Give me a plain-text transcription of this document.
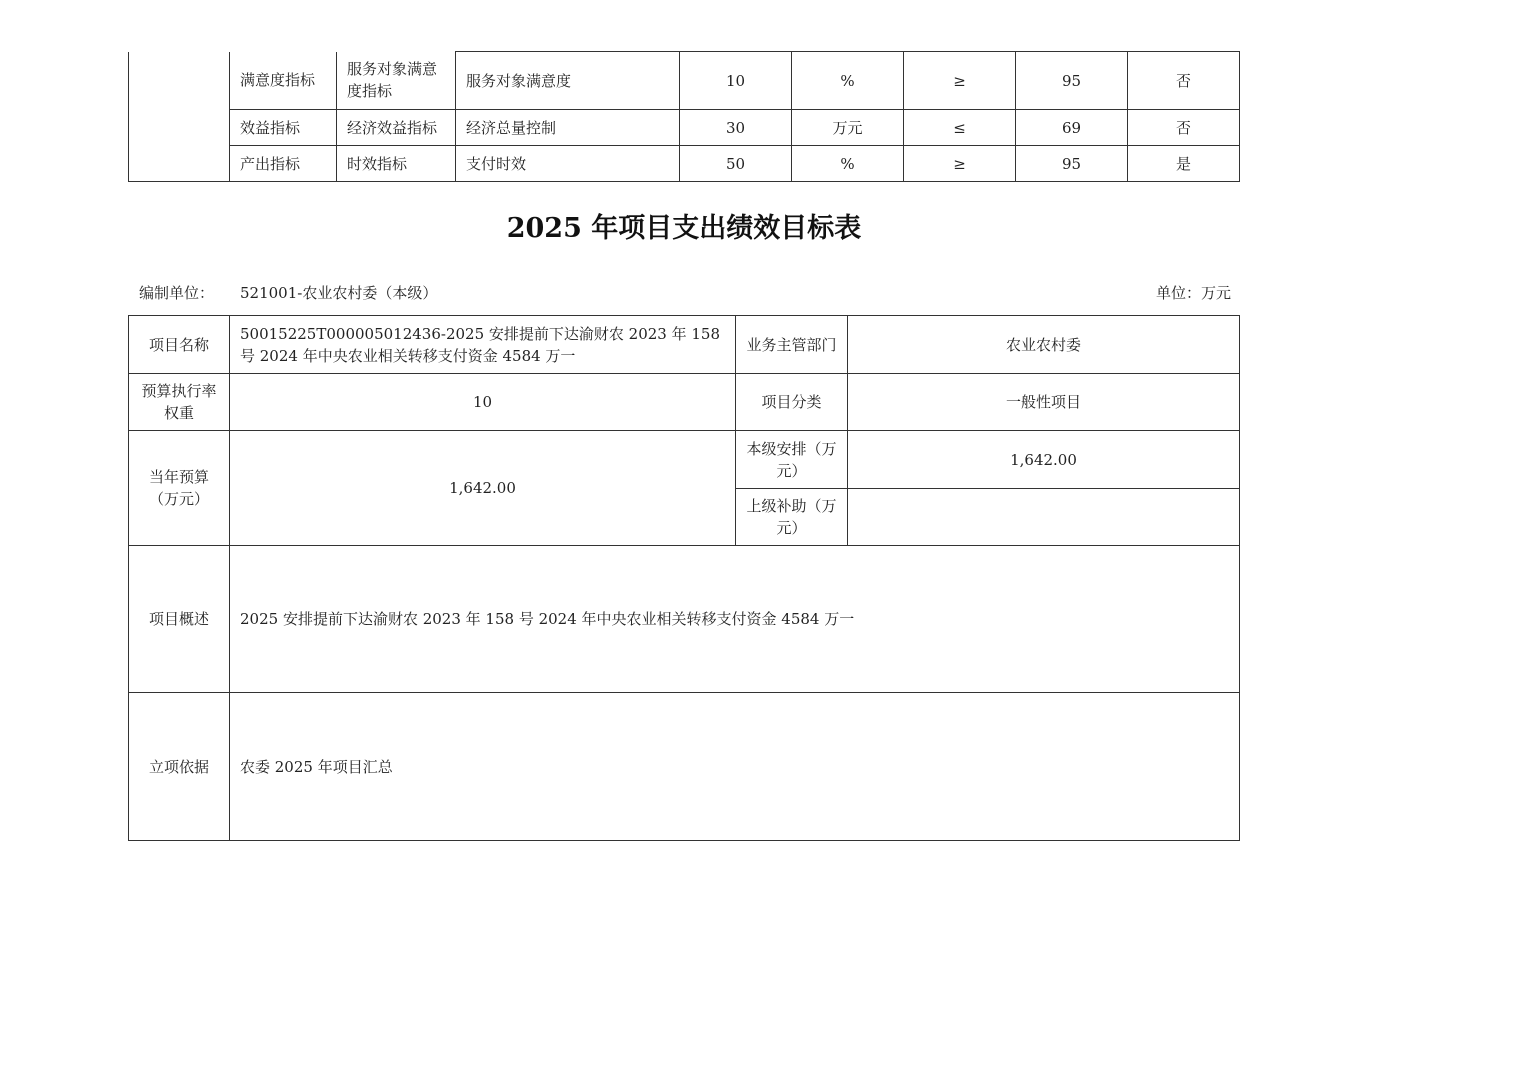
	满意度指标	服务对象满意度指标	服务对象满意度	10	%	≥	95	否
	效益指标	经济效益指标	经济总量控制	30	万元	≤	69	否
	产出指标	时效指标	支付时效	50	%	≥	95	是
2025 年项目支出绩效目标表
编制单位： 521001-农业农村委（本级）	单位：万元
项目名称	50015225T000005012436-2025 安排提前下达渝财农 2023 年 158 号 2024 年中央农业相关转移支付资金 4584 万一	业务主管部门	农业农村委
预算执行率权重	10	项目分类	一般性项目
当年预算（万元）	1,642.00	本级安排（万元）	1,642.00
		上级补助（万元）	
项目概述	2025 安排提前下达渝财农 2023 年 158 号 2024 年中央农业相关转移支付资金 4584 万一		
立项依据	农委 2025 年项目汇总		
